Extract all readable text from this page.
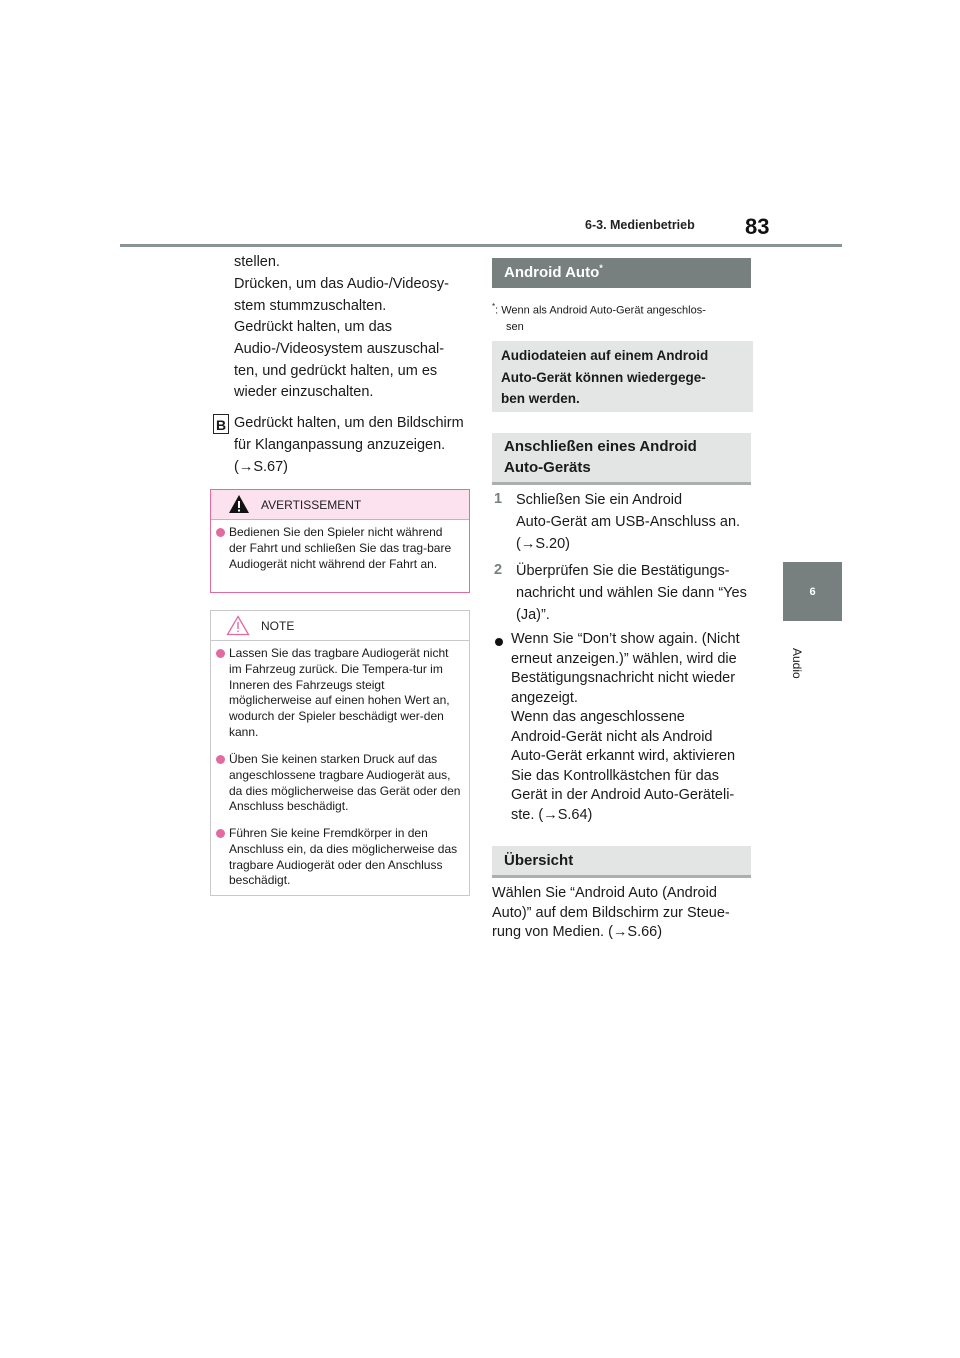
6-3. Medienbetrieb 83
6
Audio
stellen.
Drücken, um das Audio-/Videosy-
stem stummzuschalten.
Gedrückt halten, um das
Audio-/Videosystem auszuschal-
ten, und gedrückt halten, um es
wieder einzuschalten.
B Gedrückt halten, um den Bildschirm
für Klanganpassung anzuzeigen.
(→S.67)
AVERTISSEMENT
Bedienen Sie den Spieler nicht während der Fahrt und schließen Sie das trag-bare Audiogerät nicht während der Fahrt an.
NOTE
Lassen Sie das tragbare Audiogerät nicht im Fahrzeug zurück. Die Tempera-tur im Inneren des Fahrzeugs steigt möglicherweise auf einen hohen Wert an, wodurch der Spieler beschädigt wer-den kann.
Üben Sie keinen starken Druck auf das angeschlossene tragbare Audiogerät aus, da dies möglicherweise das Gerät oder den Anschluss beschädigt.
Führen Sie keine Fremdkörper in den Anschluss ein, da dies möglicherweise das tragbare Audiogerät oder den Anschluss beschädigt.
Android Auto*
*: Wenn als Android Auto-Gerät angeschlos-
sen
Audiodateien auf einem Android
Auto-Gerät können wiedergege-
ben werden.
Anschließen eines Android
Auto-Geräts
1 Schließen Sie ein Android
Auto-Gerät am USB-Anschluss an.
(→S.20)
2 Überprüfen Sie die Bestätigungs-
nachricht und wählen Sie dann “Yes
(Ja)”.
Wenn Sie “Don’t show again. (Nicht
erneut anzeigen.)” wählen, wird die
Bestätigungsnachricht nicht wieder
angezeigt.
Wenn das angeschlossene
Android-Gerät nicht als Android
Auto-Gerät erkannt wird, aktivieren
Sie das Kontrollkästchen für das
Gerät in der Android Auto-Geräteli-
ste. (→S.64)
Übersicht
Wählen Sie “Android Auto (Android
Auto)” auf dem Bildschirm zur Steue-
rung von Medien. (→S.66)
